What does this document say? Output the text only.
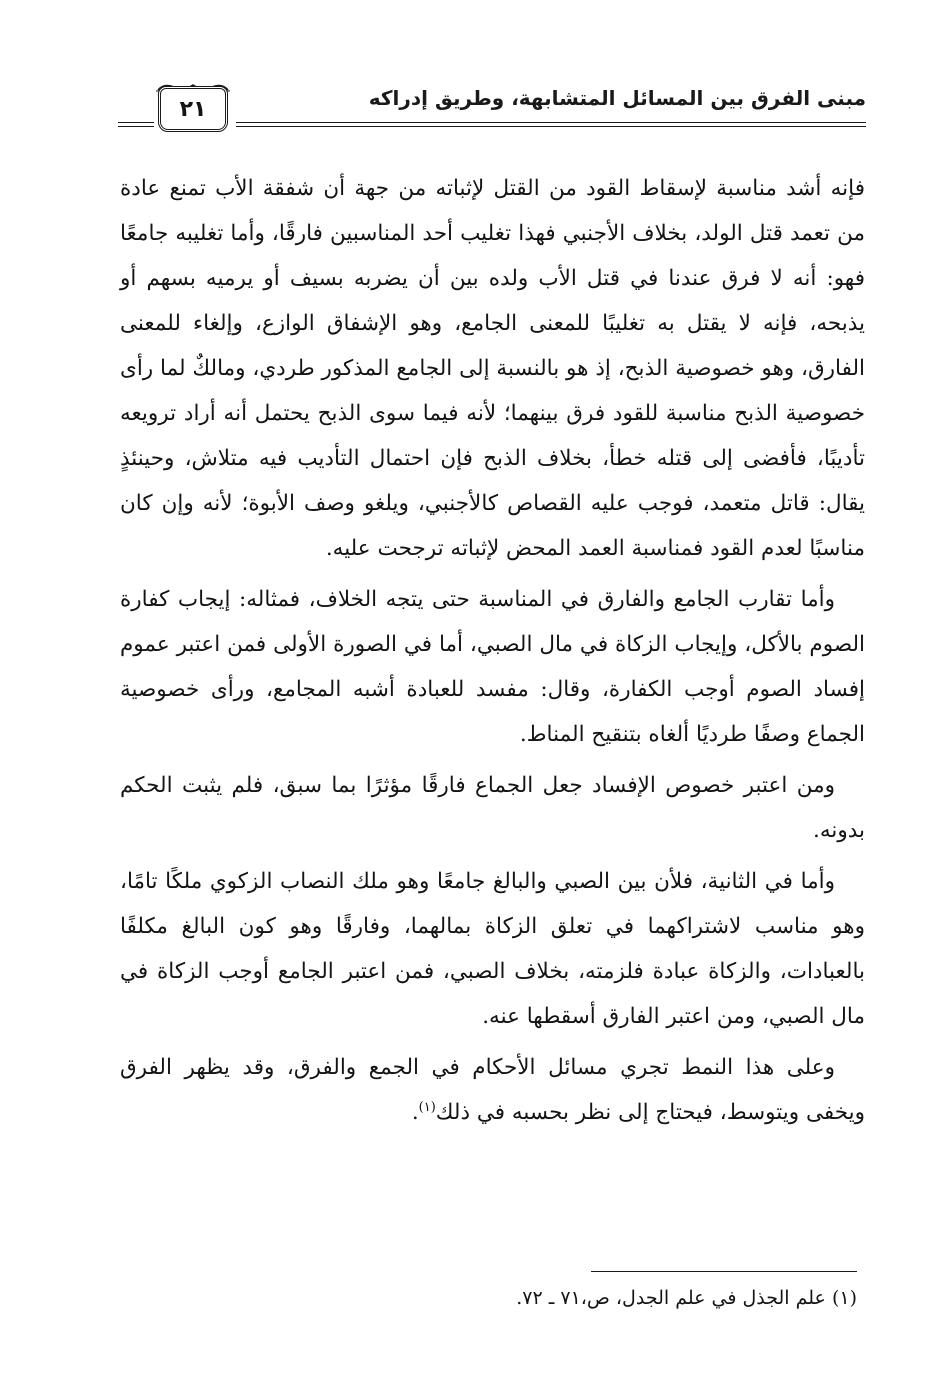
٢١	مبنى الفرق بين المسائل المتشابهة، وطريق إدراكه

فإنه أشد مناسبة لإسقاط القود من القتل لإثباته من جهة أن شفقة الأب تمنع عادة من تعمد قتل الولد، بخلاف الأجنبي فهذا تغليب أحد المناسبين فارقًا، وأما تغليبه جامعًا فهو: أنه لا فرق عندنا في قتل الأب ولده بين أن يضربه بسيف أو يرميه بسهم أو يذبحه، فإنه لا يقتل به تغليبًا للمعنى الجامع، وهو الإشفاق الوازع، وإلغاء للمعنى الفارق، وهو خصوصية الذبح، إذ هو بالنسبة إلى الجامع المذكور طردي، ومالكٌ لما رأى خصوصية الذبح مناسبة للقود فرق بينهما؛ لأنه فيما سوى الذبح يحتمل أنه أراد ترويعه تأديبًا، فأفضى إلى قتله خطأ، بخلاف الذبح فإن احتمال التأديب فيه متلاش، وحينئذٍ يقال: قاتل متعمد، فوجب عليه القصاص كالأجنبي، ويلغو وصف الأبوة؛ لأنه وإن كان مناسبًا لعدم القود فمناسبة العمد المحض لإثباته ترجحت عليه.

وأما تقارب الجامع والفارق في المناسبة حتى يتجه الخلاف، فمثاله: إيجاب كفارة الصوم بالأكل، وإيجاب الزكاة في مال الصبي، أما في الصورة الأولى فمن اعتبر عموم إفساد الصوم أوجب الكفارة، وقال: مفسد للعبادة أشبه المجامع، ورأى خصوصية الجماع وصفًا طرديًا ألغاه بتنقيح المناط.

ومن اعتبر خصوص الإفساد جعل الجماع فارقًا مؤثرًا بما سبق، فلم يثبت الحكم بدونه.

وأما في الثانية، فلأن بين الصبي والبالغ جامعًا وهو ملك النصاب الزكوي ملكًا تامًا، وهو مناسب لاشتراكهما في تعلق الزكاة بمالهما، وفارقًا وهو كون البالغ مكلفًا بالعبادات، والزكاة عبادة فلزمته، بخلاف الصبي، فمن اعتبر الجامع أوجب الزكاة في مال الصبي، ومن اعتبر الفارق أسقطها عنه.

وعلى هذا النمط تجري مسائل الأحكام في الجمع والفرق، وقد يظهر الفرق ويخفى ويتوسط، فيحتاج إلى نظر بحسبه في ذلك$^{(١)}$.

(١) علم الجذل في علم الجدل، ص،٧١ ـ ٧٢.
